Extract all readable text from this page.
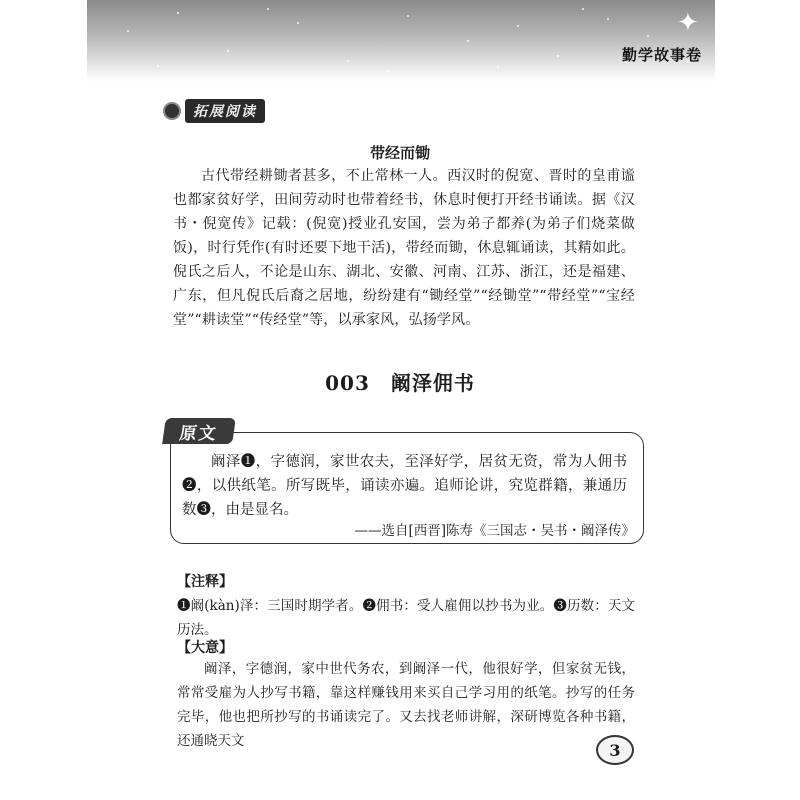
✦
勤学故事卷
拓展阅读
带经而锄

古代带经耕锄者甚多，不止常林一人。西汉时的倪宽、晋时的皇甫谧也都家贫好学，田间劳动时也带着经书，休息时便打开经书诵读。据《汉书・倪宽传》记载：(倪宽)授业孔安国，尝为弟子都养(为弟子们烧菜做饭)，时行凭作(有时还要下地干活)，带经而锄，休息辄诵读，其精如此。倪氏之后人，不论是山东、湖北、安徽、河南、江苏、浙江，还是福建、广东，但凡倪氏后裔之居地，纷纷建有“锄经堂”“经锄堂”“带经堂”“宝经堂”“耕读堂”“传经堂”等，以承家风，弘扬学风。

003　阚泽佣书
原文

阚泽❶，字德润，家世农夫，至泽好学，居贫无资，常为人佣书❷，以供纸笔。所写既毕，诵读亦遍。追师论讲，究览群籍，兼通历数❸，由是显名。

——选自[西晋]陈寿《三国志・吴书・阚泽传》
【注释】
❶阚(kàn)泽：三国时期学者。❷佣书：受人雇佣以抄书为业。❸历数：天文历法。
【大意】

阚泽，字德润，家中世代务农，到阚泽一代，他很好学，但家贫无钱，常常受雇为人抄写书籍，靠这样赚钱用来买自己学习用的纸笔。抄写的任务完毕，他也把所抄写的书诵读完了。又去找老师讲解，深研博览各种书籍，还通晓天文	3
